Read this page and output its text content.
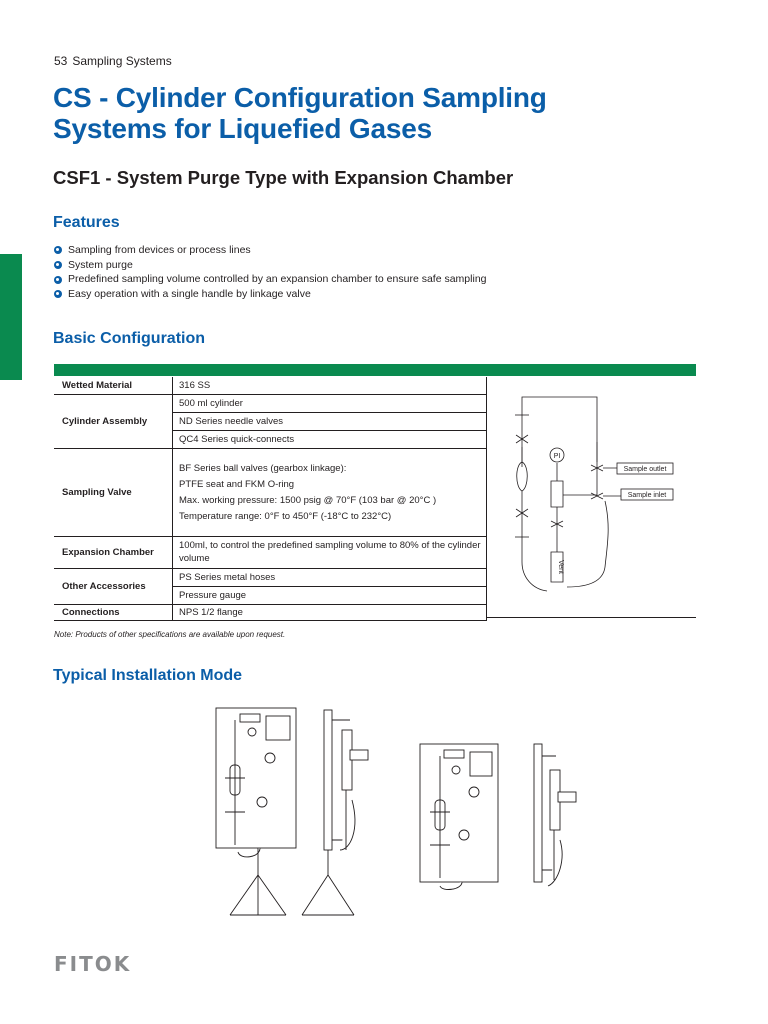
53 Sampling Systems
CS - Cylinder Configuration Sampling
Systems for Liquefied Gases
CSF1 - System Purge Type with Expansion Chamber
Features
Sampling from devices or process lines
System purge
Predefined sampling volume controlled by an expansion chamber to ensure safe sampling
Easy operation with a single handle by linkage valve
Basic Configuration
Wetted Material	316 SS
Cylinder Assembly	500 ml cylinder
ND Series needle valves
QC4 Series quick-connects

Sampling Valve	BF Series ball valves (gearbox linkage):
PTFE seat and FKM O-ring
Max. working pressure: 1500 psig @ 70°F (103 bar @ 20°C )
Temperature range: 0°F to 450°F (-18°C to 232°C)

Expansion Chamber	100ml, to control the predefined sampling volume to 80% of the cylinder volume
Other Accessories	PS Series metal hoses
Pressure gauge

Connections	NPS 1/2 flange
PI
Sample outlet
Sample inlet
Vent
Note: Products of other specifications are available upon request.
Typical Installation Mode
FITOK
